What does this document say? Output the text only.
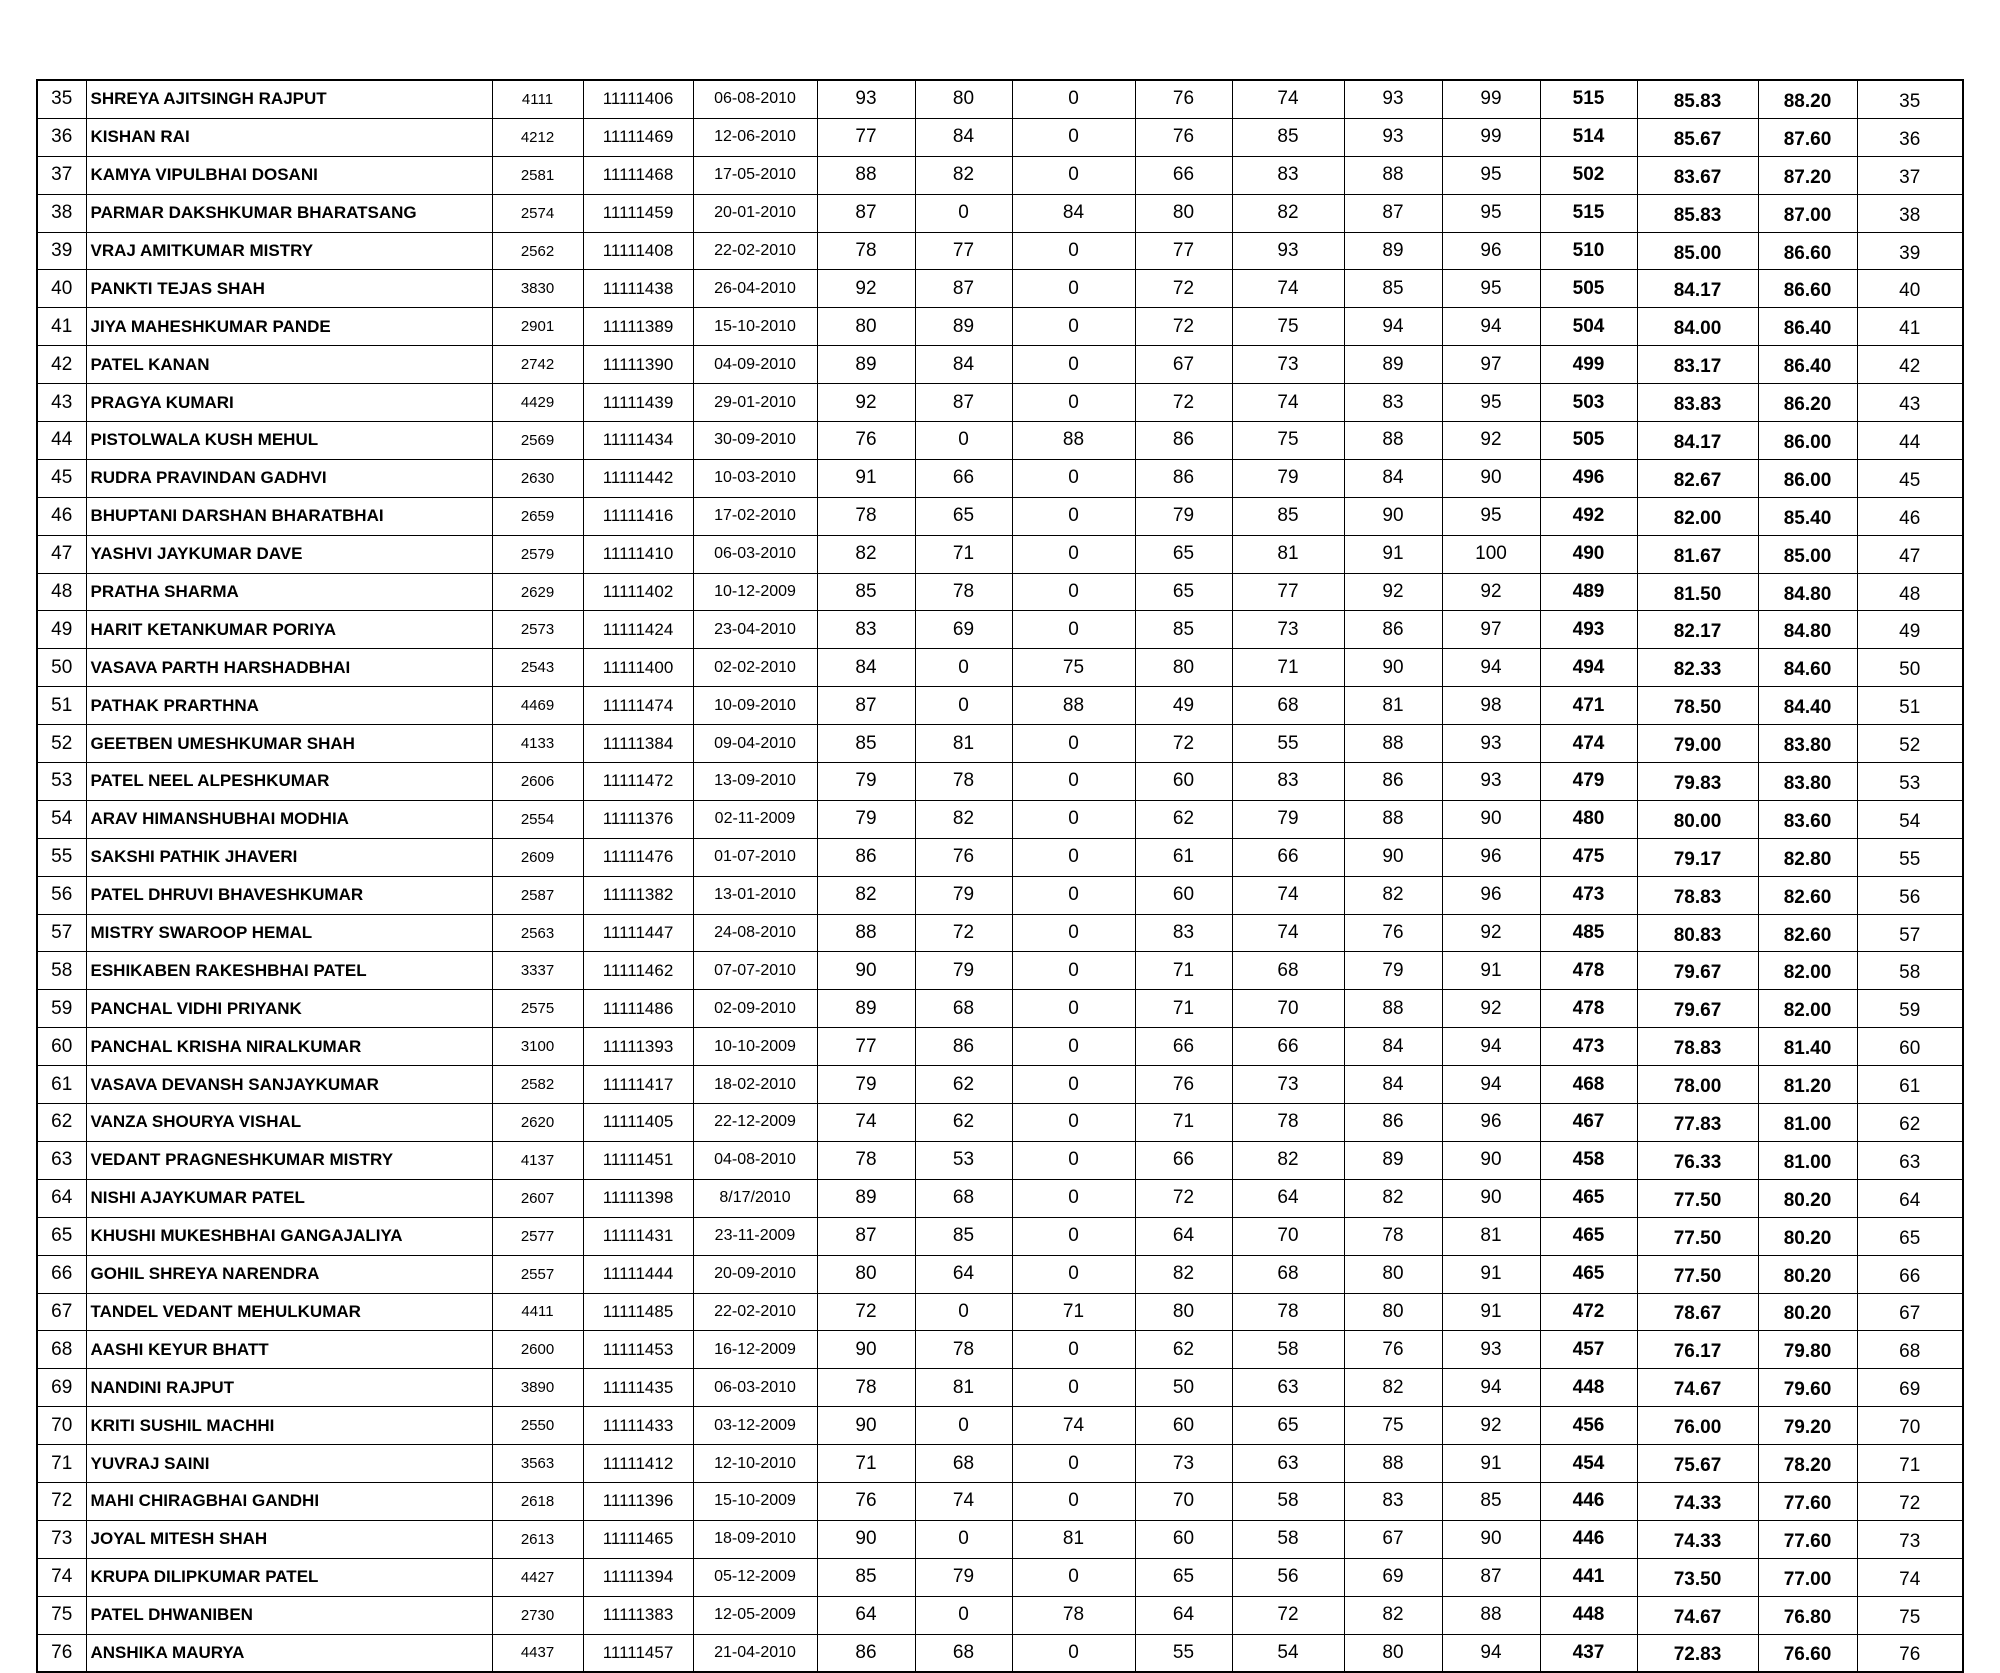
35	SHREYA AJITSINGH RAJPUT	4111	11111406	06-08-2010	93	80	0	76	74	93	99	515	85.83	88.20	35
36	KISHAN RAI	4212	11111469	12-06-2010	77	84	0	76	85	93	99	514	85.67	87.60	36
37	KAMYA VIPULBHAI DOSANI	2581	11111468	17-05-2010	88	82	0	66	83	88	95	502	83.67	87.20	37
38	PARMAR DAKSHKUMAR BHARATSANG	2574	11111459	20-01-2010	87	0	84	80	82	87	95	515	85.83	87.00	38
39	VRAJ AMITKUMAR MISTRY	2562	11111408	22-02-2010	78	77	0	77	93	89	96	510	85.00	86.60	39
40	PANKTI TEJAS SHAH	3830	11111438	26-04-2010	92	87	0	72	74	85	95	505	84.17	86.60	40
41	JIYA MAHESHKUMAR PANDE	2901	11111389	15-10-2010	80	89	0	72	75	94	94	504	84.00	86.40	41
42	PATEL KANAN	2742	11111390	04-09-2010	89	84	0	67	73	89	97	499	83.17	86.40	42
43	PRAGYA KUMARI	4429	11111439	29-01-2010	92	87	0	72	74	83	95	503	83.83	86.20	43
44	PISTOLWALA KUSH MEHUL	2569	11111434	30-09-2010	76	0	88	86	75	88	92	505	84.17	86.00	44
45	RUDRA PRAVINDAN GADHVI	2630	11111442	10-03-2010	91	66	0	86	79	84	90	496	82.67	86.00	45
46	BHUPTANI DARSHAN BHARATBHAI	2659	11111416	17-02-2010	78	65	0	79	85	90	95	492	82.00	85.40	46
47	YASHVI JAYKUMAR DAVE	2579	11111410	06-03-2010	82	71	0	65	81	91	100	490	81.67	85.00	47
48	PRATHA SHARMA	2629	11111402	10-12-2009	85	78	0	65	77	92	92	489	81.50	84.80	48
49	HARIT KETANKUMAR PORIYA	2573	11111424	23-04-2010	83	69	0	85	73	86	97	493	82.17	84.80	49
50	VASAVA PARTH HARSHADBHAI	2543	11111400	02-02-2010	84	0	75	80	71	90	94	494	82.33	84.60	50
51	PATHAK PRARTHNA	4469	11111474	10-09-2010	87	0	88	49	68	81	98	471	78.50	84.40	51
52	GEETBEN UMESHKUMAR SHAH	4133	11111384	09-04-2010	85	81	0	72	55	88	93	474	79.00	83.80	52
53	PATEL NEEL ALPESHKUMAR	2606	11111472	13-09-2010	79	78	0	60	83	86	93	479	79.83	83.80	53
54	ARAV HIMANSHUBHAI MODHIA	2554	11111376	02-11-2009	79	82	0	62	79	88	90	480	80.00	83.60	54
55	SAKSHI PATHIK JHAVERI	2609	11111476	01-07-2010	86	76	0	61	66	90	96	475	79.17	82.80	55
56	PATEL DHRUVI BHAVESHKUMAR	2587	11111382	13-01-2010	82	79	0	60	74	82	96	473	78.83	82.60	56
57	MISTRY SWAROOP HEMAL	2563	11111447	24-08-2010	88	72	0	83	74	76	92	485	80.83	82.60	57
58	ESHIKABEN RAKESHBHAI PATEL	3337	11111462	07-07-2010	90	79	0	71	68	79	91	478	79.67	82.00	58
59	PANCHAL VIDHI PRIYANK	2575	11111486	02-09-2010	89	68	0	71	70	88	92	478	79.67	82.00	59
60	PANCHAL KRISHA NIRALKUMAR	3100	11111393	10-10-2009	77	86	0	66	66	84	94	473	78.83	81.40	60
61	VASAVA DEVANSH SANJAYKUMAR	2582	11111417	18-02-2010	79	62	0	76	73	84	94	468	78.00	81.20	61
62	VANZA SHOURYA VISHAL	2620	11111405	22-12-2009	74	62	0	71	78	86	96	467	77.83	81.00	62
63	VEDANT PRAGNESHKUMAR MISTRY	4137	11111451	04-08-2010	78	53	0	66	82	89	90	458	76.33	81.00	63
64	NISHI AJAYKUMAR PATEL	2607	11111398	8/17/2010	89	68	0	72	64	82	90	465	77.50	80.20	64
65	KHUSHI MUKESHBHAI GANGAJALIYA	2577	11111431	23-11-2009	87	85	0	64	70	78	81	465	77.50	80.20	65
66	GOHIL SHREYA NARENDRA	2557	11111444	20-09-2010	80	64	0	82	68	80	91	465	77.50	80.20	66
67	TANDEL VEDANT MEHULKUMAR	4411	11111485	22-02-2010	72	0	71	80	78	80	91	472	78.67	80.20	67
68	AASHI KEYUR BHATT	2600	11111453	16-12-2009	90	78	0	62	58	76	93	457	76.17	79.80	68
69	NANDINI RAJPUT	3890	11111435	06-03-2010	78	81	0	50	63	82	94	448	74.67	79.60	69
70	KRITI SUSHIL MACHHI	2550	11111433	03-12-2009	90	0	74	60	65	75	92	456	76.00	79.20	70
71	YUVRAJ SAINI	3563	11111412	12-10-2010	71	68	0	73	63	88	91	454	75.67	78.20	71
72	MAHI CHIRAGBHAI GANDHI	2618	11111396	15-10-2009	76	74	0	70	58	83	85	446	74.33	77.60	72
73	JOYAL MITESH SHAH	2613	11111465	18-09-2010	90	0	81	60	58	67	90	446	74.33	77.60	73
74	KRUPA DILIPKUMAR PATEL	4427	11111394	05-12-2009	85	79	0	65	56	69	87	441	73.50	77.00	74
75	PATEL DHWANIBEN	2730	11111383	12-05-2009	64	0	78	64	72	82	88	448	74.67	76.80	75
76	ANSHIKA MAURYA	4437	11111457	21-04-2010	86	68	0	55	54	80	94	437	72.83	76.60	76
